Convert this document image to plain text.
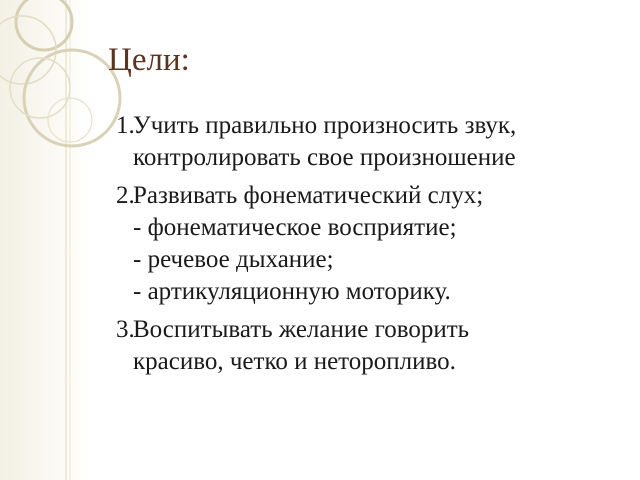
Цели:
1.
Учить правильно произносить звук,
контролировать свое произношение
2.
Развивать фонематический слух;
- фонематическое восприятие;
- речевое дыхание;
- артикуляционную моторику.
3.
Воспитывать желание говорить
красиво, четко и неторопливо.
